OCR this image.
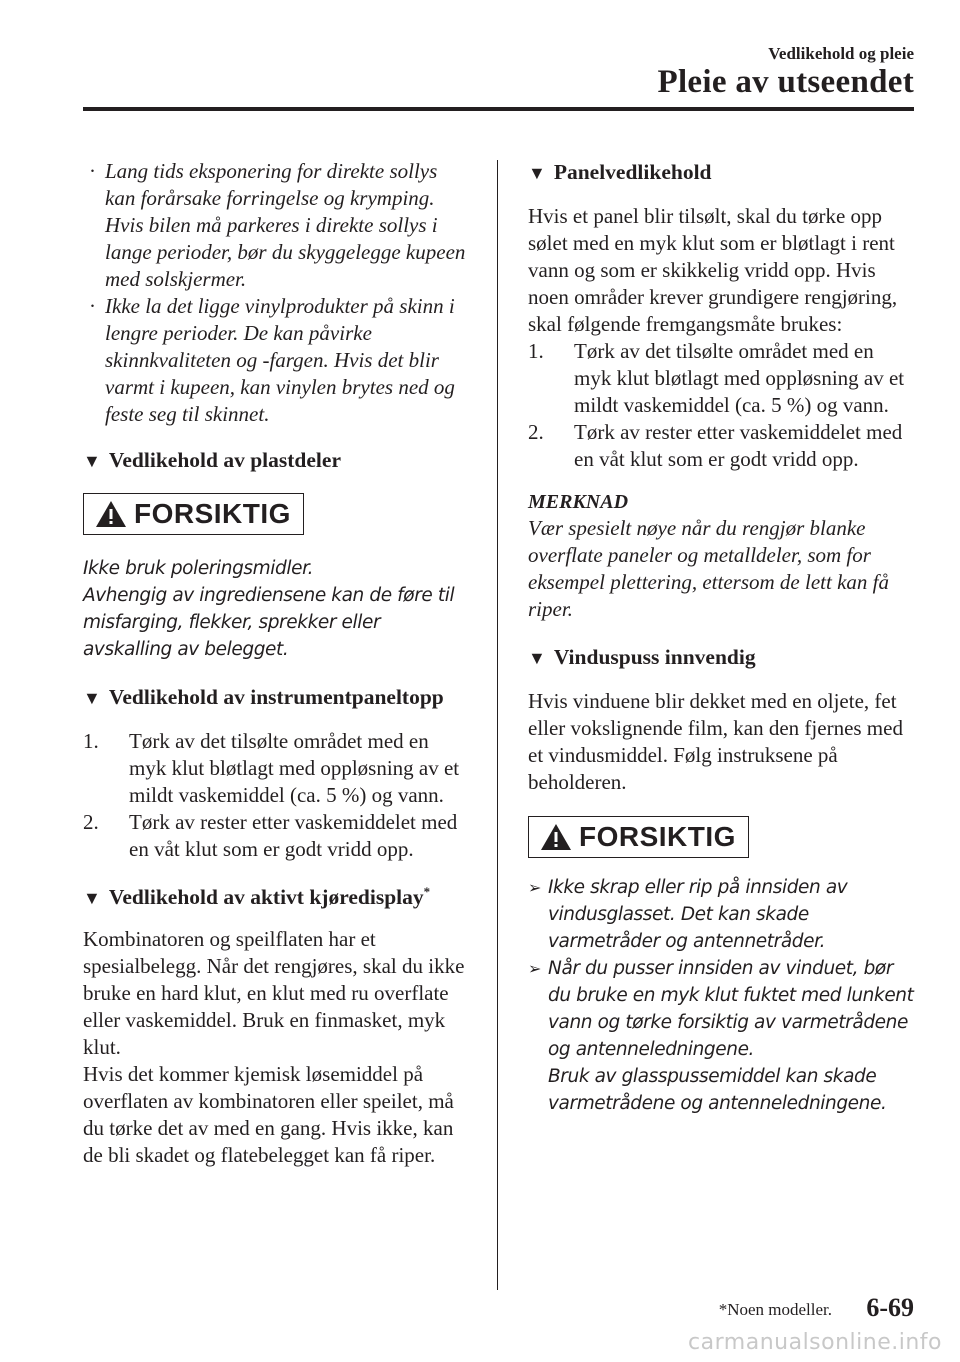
Vedlikehold og pleie
Pleie av utseendet
· Lang tids eksponering for direkte sollys kan forårsake forringelse og krymping. Hvis bilen må parkeres i direkte sollys i lange perioder, bør du skyggelegge kupeen med solskjermer.
· Ikke la det ligge vinylprodukter på skinn i lengre perioder. De kan påvirke skinnkvaliteten og -fargen. Hvis det blir varmt i kupeen, kan vinylen brytes ned og feste seg til skinnet.
▼ Vedlikehold av plastdeler
FORSIKTIG

Ikke bruk poleringsmidler.

Avhengig av ingrediensene kan de føre til misfarging, flekker, sprekker eller avskalling av belegget.

▼ Vedlikehold av instrumentpaneltopp
1. Tørk av det tilsølte området med en myk klut bløtlagt med oppløsning av et mildt vaskemiddel (ca. 5 %) og vann.
2. Tørk av rester etter vaskemiddelet med en våt klut som er godt vridd opp.
▼ Vedlikehold av aktivt kjøredisplay*

Kombinatoren og speilflaten har et spesialbelegg. Når det rengjøres, skal du ikke bruke en hard klut, en klut med ru overflate eller vaskemiddel. Bruk en finmasket, myk klut.

Hvis det kommer kjemisk løsemiddel på overflaten av kombinatoren eller speilet, må du tørke det av med en gang. Hvis ikke, kan de bli skadet og flatebelegget kan få riper.

▼ Panelvedlikehold

Hvis et panel blir tilsølt, skal du tørke opp sølet med en myk klut som er bløtlagt i rent vann og som er skikkelig vridd opp. Hvis noen områder krever grundigere rengjøring, skal følgende fremgangsmåte brukes:

1. Tørk av det tilsølte området med en myk klut bløtlagt med oppløsning av et mildt vaskemiddel (ca. 5 %) og vann.
2. Tørk av rester etter vaskemiddelet med en våt klut som er godt vridd opp.

MERKNAD

Vær spesielt nøye når du rengjør blanke overflate paneler og metalldeler, som for eksempel plettering, ettersom de lett kan få riper.

▼ Vinduspuss innvendig

Hvis vinduene blir dekket med en oljete, fet eller vokslignende film, kan den fjernes med et vindusmiddel. Følg instruksene på beholderen.

FORSIKTIG
➢ Ikke skrap eller rip på innsiden av vindusglasset. Det kan skade varmetråder og antennetråder.
➢ Når du pusser innsiden av vinduet, bør du bruke en myk klut fuktet med lunkent vann og tørke forsiktig av varmetrådene og antenneledningene.
Bruk av glasspussemiddel kan skade varmetrådene og antenneledningene.
*Noen modeller. 6-69
carmanualsonline.info
